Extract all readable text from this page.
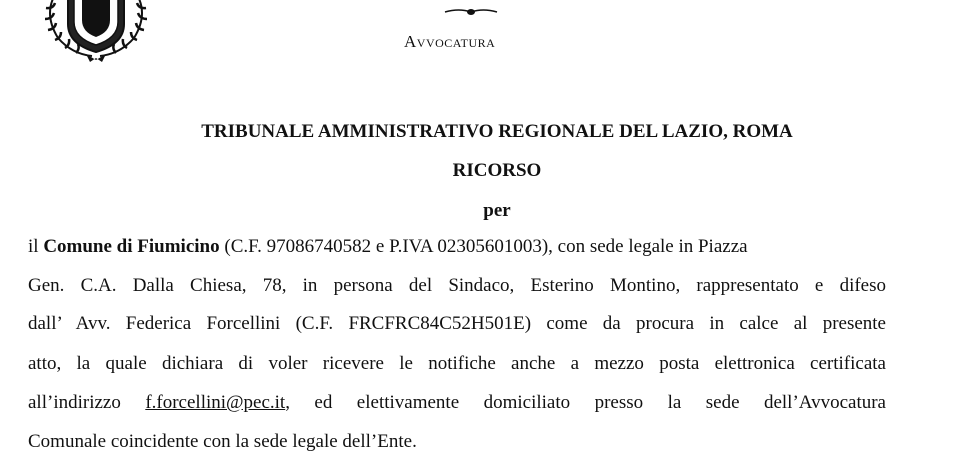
Avvocatura
TRIBUNALE AMMINISTRATIVO REGIONALE DEL LAZIO, ROMA
RICORSO
per
il Comune di Fiumicino (C.F. 97086740582 e P.IVA 02305601003), con sede legale in Piazza
Gen. C.A. Dalla Chiesa, 78, in persona del Sindaco, Esterino Montino, rappresentato e difeso
dall’ Avv. Federica Forcellini (C.F. FRCFRC84C52H501E) come da procura in calce al presente
atto, la quale dichiara di voler ricevere le notifiche anche a mezzo posta elettronica certificata
all’indirizzo f.forcellini@pec.it, ed elettivamente domiciliato presso la sede dell’Avvocatura
Comunale coincidente con la sede legale dell’Ente.
